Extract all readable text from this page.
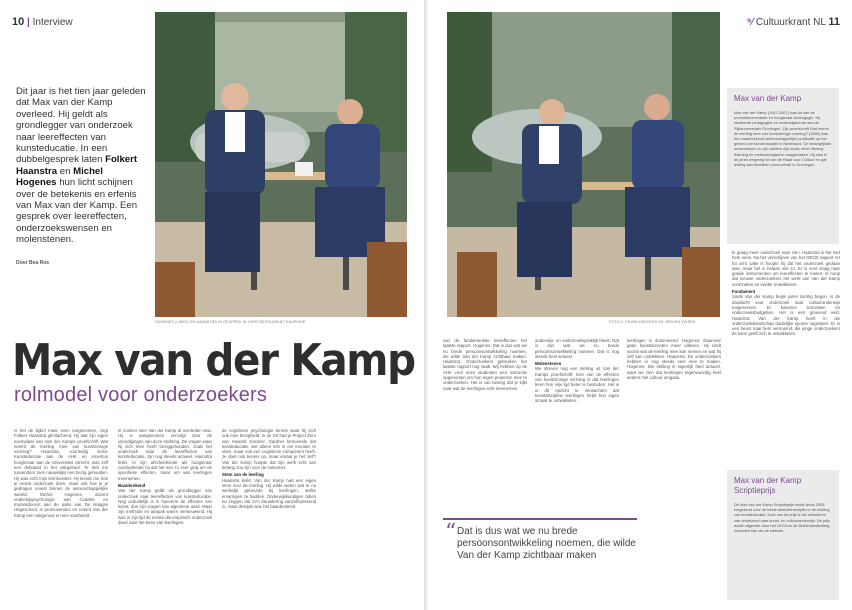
10 | Interview
Dit jaar is het tien jaar geleden dat Max van der Kamp overleed. Hij geldt als grondlegger van onderzoek naar leereffecten van kunsteducatie. In een dubbelgesprek laten Folkert Haanstra en Michel Hogenes hun licht schijnen over de betekenis en erfenis van Max van der Kamp. Een gesprek over leereffecten, onderzoekswensen en molenstenen.
Door Bea Ros
HOGENES (LINKS) EN HAANSTRA IN GESPREK IN CAFÉ-RESTAURANT DAUPHINE
Max van der Kamp
rolmodel voor onderzoekers

Is het de bijbel maar even toegenomen, zegt Folkert Haanstra glimlachend. Hij laat zijn eigen exemplaar van Van der Kamps proefschrift Wat neemt de leerling mee van kunstzinnige vorming? Haanstra, voormalig lector Kunsteducatie aan de AHK en emeritus hoogleraar aan de Universiteit Utrecht, was zelf een debutant in het vakgebied. Te heb me tussendoor toen nauwelijks met bezig gehouden. Hij was echt mijn leermeester. Hij leerde me hoe je moest onderzoek doen, maar ook hoe je je gedragen moest binnen de wetenschappelijke wereld. Michel Hogenes, docent onderwijspsychologie aan Codarts en muziekdocent aan de pabo van De Haagse Hogeschool, is promovendus en noemt Van der Kamp een vakgenoot en een voorbeeld.

te zoeken toen Van der Kamp al overleden was. Hij is aangenomen vervolgt door de uitnodigingen van deze stichting. De vragen waar hij zich mee heeft beziggehouden, zoals het onderzoek naar de leereffecten van kunsteducatie, zijn nog steeds actueel. Haanstra knikt. In zijn afscheidsrede als hoogleraar concludeerde hij dat het niet zo zeer ging om de specifieke effecten, maar om wat leerlingen meenemen.

Baanbrekend

Van der Kamp geldt als grondlegger van onderzoek naar leereffecten van kunsteducatie. Nog onduidelijk is in hoeverre de effecten van kunst, dus zijn vragen van algemene aard. Maar zijn methode en aanpak waren vernieuwend. Hij was in zijn tijd de eerste die empirisch onderzoek deed naar het leren van leerlingen.

de cognitieve psychologie terrein waar hij zich ook mee bezighield. In de VS had je Project Zero van Howard Gardner. Gardner benoemde dat kunsteducatie niet alleen iets is om emoties te uiten, maar ook een cognitieve component heeft. Je doet ook kennis op, maar ervaar je het zelf? Van der Kamp hoopte dat zijn werk echt van belang zou zijn voor de toekomst.

Stem van de leerling

Haanstra knikt. Van der Kamp had een eigen stem voor de leerling. Hij wilde weten wat er nu werkelijk gebeurde bij leerlingen, welke ervaringen ze hadden. Onderwijskundigen zullen nu zeggen dat zo'n benadering vanzelfsprekend is, maar destijds was het baanbrekend.

⁹⁄ Cultuurkrant NL 11
FOTO'S: EDWIN DEKKERS EN JEROEN VISSER
Max van der Kamp
Max van der Kamp (1947-2007) was lid van de promotiecommissie en hoogleraar Andragogie. Hij studeerde pedagogiek en onderwijskunde aan de Rijksuniversiteit Groningen. Zijn proefschrift Wat neemt de leerling mee van kunstzinnige vorming? (1980) was een baanbrekend wetenschappelijke publicatie op het gebied van kunsteducatie in Nederland. De belangrijkste onderwerpen in zijn carrière zijn onder meer lifelong learning en methodologische vraagstukken. Hij was in de jaren negentig lid van de Raad voor Cultuur en gaf leiding aan tientallen promovendi in Groningen.

Ik graag meer onderzoek naar zien. Haanstra is het met hem eens. Na het verschijnen van het OECD rapport Art for art's sake is hoopte hij dat het onderzoek gedaan was, maar het is helaas niet zo. Er is veel vraag naar goede instrumenten om leereffecten te meten. Ik hoop dat nieuwe onderzoekers het werk van Van der Kamp voortzetten en verder ontwikkelen.

Fundament

Sinds Van der Kamp begin jaren tachtig begon, is de aandacht voor onderzoek naar cultuuronderwijs toegenomen. Er kwamen lectoraten en onderzoeksbudgetten. Het is een groeiend veld. Haanstra: Van der Kamp heeft in die onderzoekslandschap duidelijke sporen nagelaten. Er is een beurs naar hem vernoemd, die jonge onderzoekers de kans geeft zich te ontwikkelen.

Max van der Kamp Scriptieprijs
De Max van der Kamp Scriptieprijs wordt sinds 2005 toegekend voor de beste afstudeerscriptie in de richting van kunsteducatie. Doel van de prijs is het stimuleren van onderzoek naar kunst- en cultuuronderwijs. De prijs wordt uitgereikt door het LKCA en de Boekmanstichting. Inzenden kan via de website.

van de fundamentele leereffecten het laatste rapport. Hogenes: Dat is dus wat we nu brede persoonsontwikkeling noemen, die wilde Van der Kamp zichtbaar maken. Haanstra: Onderzoekers gebruiken het laatste rapport nog vaak. Wij hebben op de AHK voor onze studenten een instructie opgenomen om hun eigen projecten mee te onderzoeken. Het is van belang dat je kijkt naar wat de leerlingen echt meenemen.

onderwijs- en onderzoekspraktijk bleek. Dat is dus wat we nu brede persoonsontwikkeling noemen. Dat is nog steeds heel actueel.

Molenstenen

We streven nog een stelling uit Van der Kamps proefschrift: Een van de effecten van kunstzinnige vorming is dat leerlingen leren hun vrije tijd beter te besteden. Het is in dit opzicht te verwachten dat kunstdiscipline leerlingen helpt hun eigen smaak te ontwikkelen.

leerlingen in dominerend. Hogenes: Daarvoor gaan kunstdocenten meer uitleven. Hij vindt vooral wat de leerling mee kan nemen en wat hij zelf kan ontdekken. Haanstra: De onderzoekers hebben er nog steeds veel mee te maken. Hogenes: Die stelling is eigenlijk heel actueel, want we zien dat leerlingen tegenwoordig heel anders met cultuur omgaan.

“ Dat is dus wat we nu brede persoonsontwikkeling noemen, die wilde Van der Kamp zichtbaar maken
